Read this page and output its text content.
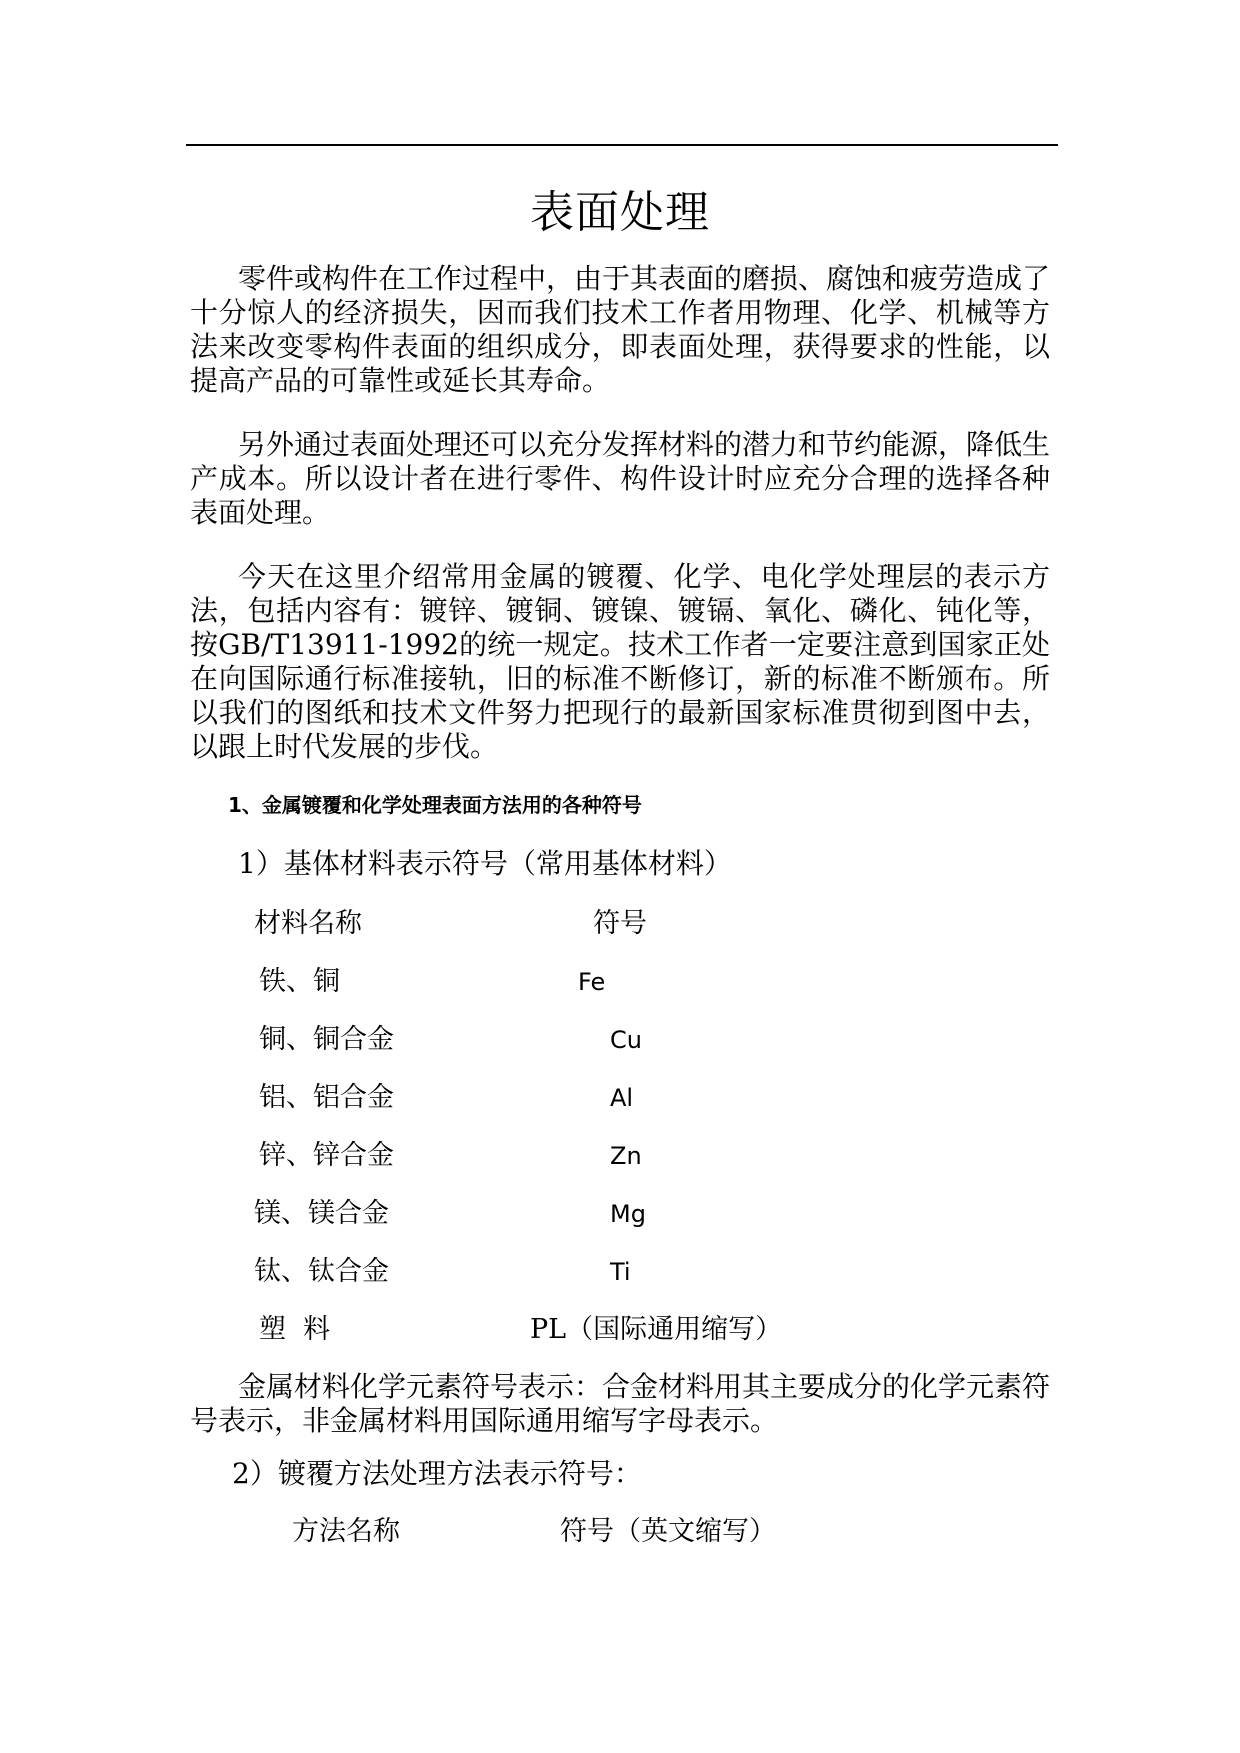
表面处理

零件或构件在工作过程中，由于其表面的磨损、腐蚀和疲劳造成了十分惊人的经济损失，因而我们技术工作者用物理、化学、机械等方法来改变零构件表面的组织成分，即表面处理，获得要求的性能，以提高产品的可靠性或延长其寿命。

另外通过表面处理还可以充分发挥材料的潜力和节约能源，降低生产成本。所以设计者在进行零件、构件设计时应充分合理的选择各种表面处理。

今天在这里介绍常用金属的镀覆、化学、电化学处理层的表示方法，包括内容有：镀锌、镀铜、镀镍、镀镉、氧化、磷化、钝化等，按GB/T13911-1992的统一规定。技术工作者一定要注意到国家正处在向国际通行标准接轨，旧的标准不断修订，新的标准不断颁布。所以我们的图纸和技术文件努力把现行的最新国家标准贯彻到图中去，以跟上时代发展的步伐。

1、金属镀覆和化学处理表面方法用的各种符号
1）基体材料表示符号（常用基体材料）
材料名称	符号
铁、铜	Fe
铜、铜合金	Cu
铝、铝合金	Al
锌、锌合金	Zn
镁、镁合金	Mg
钛、钛合金	Ti
塑  料	PL（国际通用缩写）

金属材料化学元素符号表示：合金材料用其主要成分的化学元素符号表示，非金属材料用国际通用缩写字母表示。

2）镀覆方法处理方法表示符号：
方法名称	符号（英文缩写）
